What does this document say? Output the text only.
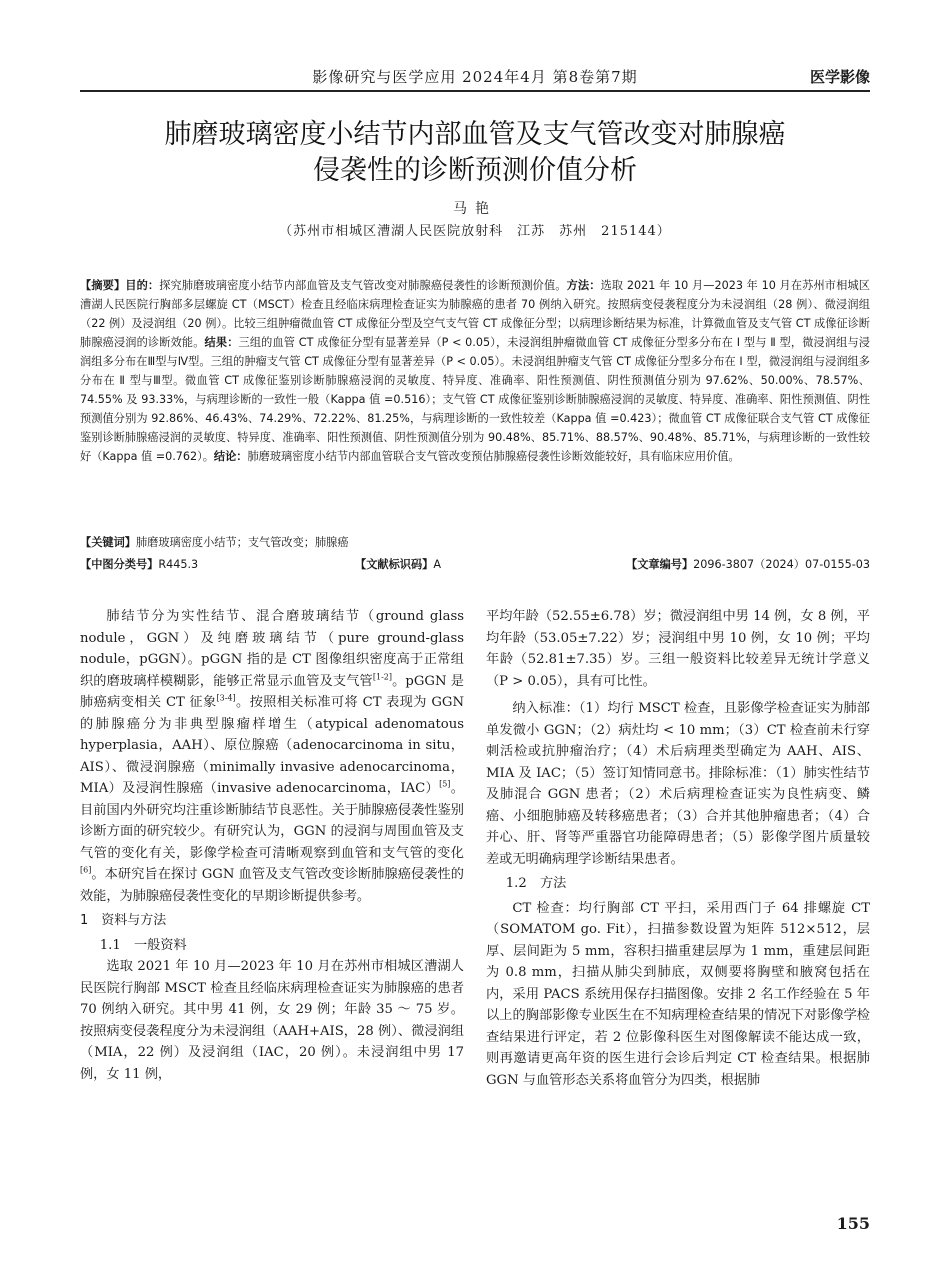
影像研究与医学应用 2024年4月 第8卷第7期	医学影像
肺磨玻璃密度小结节内部血管及支气管改变对肺腺癌
侵袭性的诊断预测价值分析
马艳
（苏州市相城区漕湖人民医院放射科　江苏　苏州　215144）
【摘要】目的：探究肺磨玻璃密度小结节内部血管及支气管改变对肺腺癌侵袭性的诊断预测价值。方法：选取 2021 年 10 月—2023 年 10 月在苏州市相城区漕湖人民医院行胸部多层螺旋 CT（MSCT）检查且经临床病理检查证实为肺腺癌的患者 70 例纳入研究。按照病变侵袭程度分为未浸润组（28 例）、微浸润组（22 例）及浸润组（20 例）。比较三组肿瘤微血管 CT 成像征分型及空气支气管 CT 成像征分型；以病理诊断结果为标准，计算微血管及支气管 CT 成像征诊断肺腺癌浸润的诊断效能。结果：三组的血管 CT 成像征分型有显著差异（P < 0.05），未浸润组肿瘤微血管 CT 成像征分型多分布在 Ⅰ 型与 Ⅱ 型，微浸润组与浸润组多分布在Ⅲ型与Ⅳ型。三组的肿瘤支气管 CT 成像征分型有显著差异（P < 0.05）。未浸润组肿瘤支气管 CT 成像征分型多分布在 Ⅰ 型，微浸润组与浸润组多分布在 Ⅱ 型与Ⅲ型。微血管 CT 成像征鉴别诊断肺腺癌浸润的灵敏度、特异度、准确率、阳性预测值、阴性预测值分别为 97.62%、50.00%、78.57%、74.55% 及 93.33%，与病理诊断的一致性一般（Kappa 值 =0.516）；支气管 CT 成像征鉴别诊断肺腺癌浸润的灵敏度、特异度、准确率、阳性预测值、阴性预测值分别为 92.86%、46.43%、74.29%、72.22%、81.25%，与病理诊断的一致性较差（Kappa 值 =0.423）；微血管 CT 成像征联合支气管 CT 成像征鉴别诊断肺腺癌浸润的灵敏度、特异度、准确率、阳性预测值、阴性预测值分别为 90.48%、85.71%、88.57%、90.48%、85.71%，与病理诊断的一致性较好（Kappa 值 =0.762）。结论：肺磨玻璃密度小结节内部血管联合支气管改变预估肺腺癌侵袭性诊断效能较好，具有临床应用价值。
【关键词】肺磨玻璃密度小结节；支气管改变；肺腺癌
【中图分类号】R445.3	【文献标识码】A	【文章编号】2096-3807（2024）07-0155-03

肺结节分为实性结节、混合磨玻璃结节（ground glass nodule，GGN）及纯磨玻璃结节（pure ground-glass nodule，pGGN）。pGGN 指的是 CT 图像组织密度高于正常组织的磨玻璃样模糊影，能够正常显示血管及支气管[1-2]。pGGN 是肺癌病变相关 CT 征象[3-4]。按照相关标准可将 CT 表现为 GGN 的肺腺癌分为非典型腺瘤样增生（atypical adenomatous hyperplasia，AAH）、原位腺癌（adenocarcinoma in situ，AIS）、微浸润腺癌（minimally invasive adenocarcinoma，MIA）及浸润性腺癌（invasive adenocarcinoma，IAC）[5]。目前国内外研究均注重诊断肺结节良恶性。关于肺腺癌侵袭性鉴别诊断方面的研究较少。有研究认为，GGN 的浸润与周围血管及支气管的变化有关，影像学检查可清晰观察到血管和支气管的变化[6]。本研究旨在探讨 GGN 血管及支气管改变诊断肺腺癌侵袭性的效能，为肺腺癌侵袭性变化的早期诊断提供参考。

1　资料与方法

1.1　一般资料

选取 2021 年 10 月—2023 年 10 月在苏州市相城区漕湖人民医院行胸部 MSCT 检查且经临床病理检查证实为肺腺癌的患者 70 例纳入研究。其中男 41 例，女 29 例；年龄 35 ～ 75 岁。按照病变侵袭程度分为未浸润组（AAH+AIS，28 例）、微浸润组（MIA，22 例）及浸润组（IAC，20 例）。未浸润组中男 17 例，女 11 例，

平均年龄（52.55±6.78）岁；微浸润组中男 14 例，女 8 例，平均年龄（53.05±7.22）岁；浸润组中男 10 例，女 10 例；平均年龄（52.81±7.35）岁。三组一般资料比较差异无统计学意义（P > 0.05），具有可比性。

纳入标准：（1）均行 MSCT 检查，且影像学检查证实为肺部单发微小 GGN；（2）病灶均 < 10 mm；（3）CT 检查前未行穿刺活检或抗肿瘤治疗；（4）术后病理类型确定为 AAH、AIS、MIA 及 IAC；（5）签订知情同意书。排除标准：（1）肺实性结节及肺混合 GGN 患者；（2）术后病理检查证实为良性病变、鳞癌、小细胞肺癌及转移癌患者；（3）合并其他肿瘤患者；（4）合并心、肝、肾等严重器官功能障碍患者；（5）影像学图片质量较差或无明确病理学诊断结果患者。

1.2　方法

CT 检查：均行胸部 CT 平扫，采用西门子 64 排螺旋 CT（SOMATOM go. Fit），扫描参数设置为矩阵 512×512，层厚、层间距为 5 mm，容积扫描重建层厚为 1 mm，重建层间距为 0.8 mm，扫描从肺尖到肺底，双侧要将胸壁和腋窝包括在内，采用 PACS 系统用保存扫描图像。安排 2 名工作经验在 5 年以上的胸部影像专业医生在不知病理检查结果的情况下对影像学检查结果进行评定，若 2 位影像科医生对图像解读不能达成一致，则再邀请更高年资的医生进行会诊后判定 CT 检查结果。根据肺 GGN 与血管形态关系将血管分为四类，根据肺

155
